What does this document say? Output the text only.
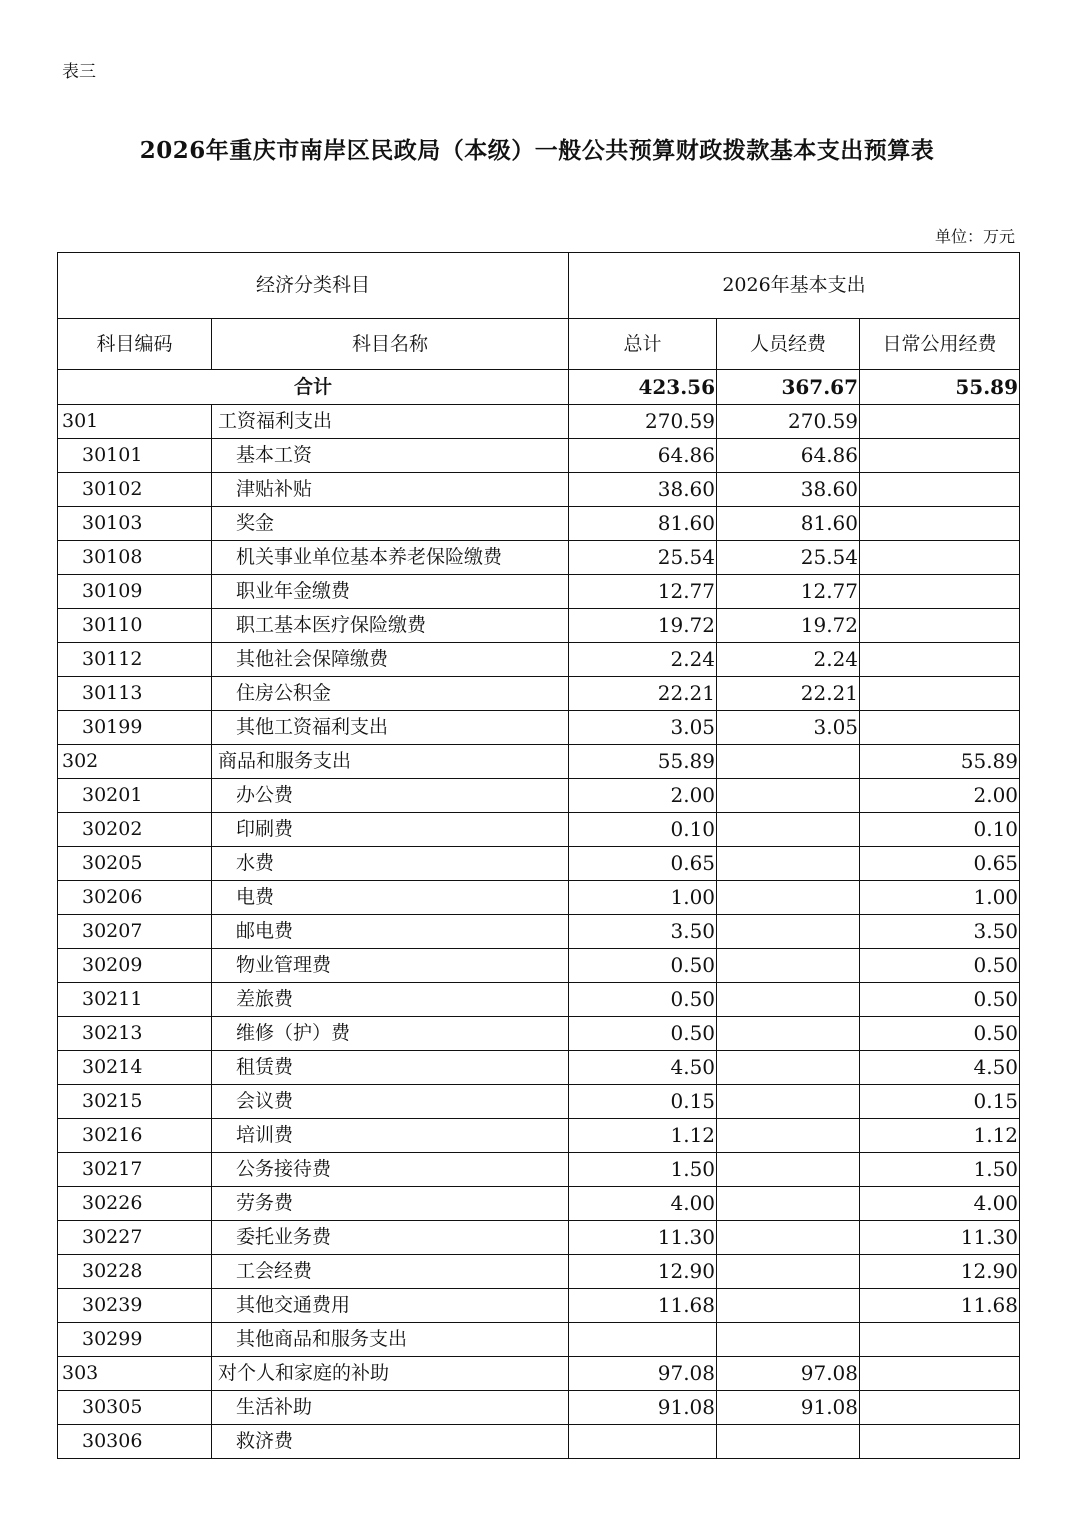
表三
2026年重庆市南岸区民政局（本级）一般公共预算财政拨款基本支出预算表
单位：万元
经济分类科目		2026年基本支出		
科目编码	科目名称	总计	人员经费	日常公用经费
合计		423.56	367.67	55.89
301	工资福利支出	270.59	270.59	
30101	基本工资	64.86	64.86	
30102	津贴补贴	38.60	38.60	
30103	奖金	81.60	81.60	
30108	机关事业单位基本养老保险缴费	25.54	25.54	
30109	职业年金缴费	12.77	12.77	
30110	职工基本医疗保险缴费	19.72	19.72	
30112	其他社会保障缴费	2.24	2.24	
30113	住房公积金	22.21	22.21	
30199	其他工资福利支出	3.05	3.05	
302	商品和服务支出	55.89		55.89
30201	办公费	2.00		2.00
30202	印刷费	0.10		0.10
30205	水费	0.65		0.65
30206	电费	1.00		1.00
30207	邮电费	3.50		3.50
30209	物业管理费	0.50		0.50
30211	差旅费	0.50		0.50
30213	维修（护）费	0.50		0.50
30214	租赁费	4.50		4.50
30215	会议费	0.15		0.15
30216	培训费	1.12		1.12
30217	公务接待费	1.50		1.50
30226	劳务费	4.00		4.00
30227	委托业务费	11.30		11.30
30228	工会经费	12.90		12.90
30239	其他交通费用	11.68		11.68
30299	其他商品和服务支出			
303	对个人和家庭的补助	97.08	97.08	
30305	生活补助	91.08	91.08	
30306	救济费			
